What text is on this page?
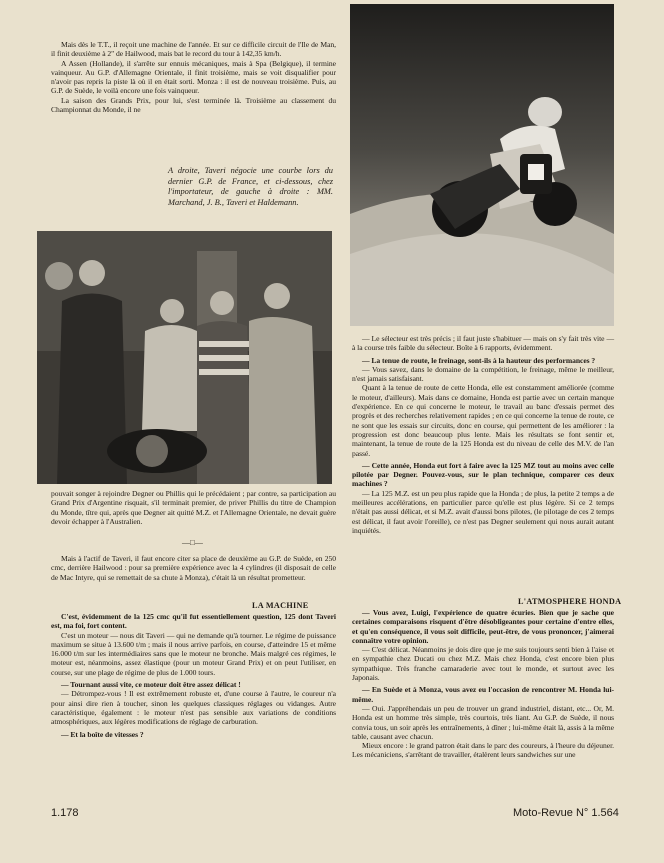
Mais dès le T.T., il reçoit une machine de l'année. Et sur ce difficile circuit de l'Ile de Man, il finit deuxième à 2" de Hailwood, mais bat le record du tour à 142,35 km/h.

A Assen (Hollande), il s'arrête sur ennuis mécaniques, mais à Spa (Belgique), il termine vainqueur. Au G.P. d'Allemagne Orientale, il finit troisième, mais se voit disqualifier pour n'avoir pas repris la piste là où il en était sorti. Monza : il est de nouveau troisième. Puis, au G.P. de Suède, le voilà encore une fois vainqueur.

La saison des Grands Prix, pour lui, s'est terminée là. Troisième au classement du Championnat du Monde, il ne

A droite, Taveri négocie une courbe lors du dernier G.P. de France, et ci-dessous, chez l'importateur, de gauche à droite : MM. Marchand, J. B., Taveri et Haldemann.

pouvait songer à rejoindre Degner ou Phillis qui le précédaient ; par contre, sa participation au Grand Prix d'Argentine risquait, s'il terminait premier, de priver Phillis du titre de Champion du Monde, tître qui, après que Degner ait quitté M.Z. et l'Allemagne Orientale, ne devait guère devoir échapper à l'Australien.

—□—

Mais à l'actif de Taveri, il faut encore citer sa place de deuxième au G.P. de Suède, en 250 cmc, derrière Hailwood : pour sa première expérience avec la 4 cylindres (il disposait de celle de Mac Intyre, qui se remettait de sa chute à Monza), c'était là un résultat prometteur.

LA MACHINE

C'est, évidemment de la 125 cmc qu'il fut essentiellement question, 125 dont Taveri est, ma foi, fort content.

C'est un moteur — nous dit Taveri — qui ne demande qu'à tourner. Le régime de puissance maximum se situe à 13.600 t/m ; mais il nous arrive parfois, en course, d'atteindre 15 et même 16.000 t/m sur les intermédiaires sans que le moteur ne bronche. Mais malgré ces régimes, le moteur est, néanmoins, assez élastique (pour un moteur Grand Prix) et on peut l'utiliser, en course, sur une plage de régime de plus de 1.000 tours.

— Tournant aussi vite, ce moteur doit être assez délicat !

— Détrompez-vous ! Il est extrêmement robuste et, d'une course à l'autre, le coureur n'a pour ainsi dire rien à toucher, sinon les quelques classiques réglages ou vidanges. Autre caractéristique, également : le moteur n'est pas sensible aux variations de conditions atmosphériques, aux légères modifications de réglage de carburation.

— Et la boîte de vitesses ?

— Le sélecteur est très précis ; il faut juste s'habituer — mais on s'y fait très vite — à la course très faible du sélecteur. Boîte à 6 rapports, évidemment.

— La tenue de route, le freinage, sont-ils à la hauteur des performances ?

— Vous savez, dans le domaine de la compétition, le freinage, même le meilleur, n'est jamais satisfaisant.

Quant à la tenue de route de cette Honda, elle est constamment améliorée (comme le moteur, d'ailleurs). Mais dans ce domaine, Honda est partie avec un certain manque d'expérience. En ce qui concerne le moteur, le travail au banc d'essais permet des progrès et des recherches relativement rapides ; en ce qui concerne la tenue de route, ce ne sont que les essais sur circuits, donc en course, qui permettent de les améliorer : la progression est donc beaucoup plus lente. Mais les résultats se font sentir et, maintenant, la tenue de route de la 125 Honda est du niveau de celle des M.V. de l'an passé.

— Cette année, Honda eut fort à faire avec la 125 MZ tout au moins avec celle pilotée par Degner. Pouvez-vous, sur le plan technique, comparer ces deux machines ?

— La 125 M.Z. est un peu plus rapide que la Honda ; de plus, la petite 2 temps a de meilleures accélérations, en particulier parce qu'elle est plus légère. Si ce 2 temps n'était pas aussi délicat, et si M.Z. avait d'aussi bons pilotes, (le pilotage de ces 2 temps est délicat, il faut avoir l'oreille), ce n'est pas Degner seulement qui nous aurait autant inquiétés.

L'ATMOSPHERE HONDA

— Vous avez, Luigi, l'expérience de quatre écuries. Bien que je sache que certaines comparaisons risquent d'être désobligeantes pour certaine d'entre elles, et qu'en conséquence, il vous soit difficile, peut-être, de vous prononcer, j'aimerai connaître votre opinion.

— C'est délicat. Néanmoins je dois dire que je me suis toujours senti bien à l'aise et en sympathie chez Ducati ou chez M.Z. Mais chez Honda, c'est encore bien plus sympathique. Très franche camaraderie avec tout le monde, et surtout avec les Japonais.

— En Suède et à Monza, vous avez eu l'occasion de rencontrer M. Honda lui-même.

— Oui. J'appréhendais un peu de trouver un grand industriel, distant, etc... Or, M. Honda est un homme très simple, très courtois, très liant. Au G.P. de Suède, il nous convia tous, un soir après les entraînements, à dîner ; lui-même était là, assis à la même table, causant avec chacun.

Mieux encore : le grand patron était dans le parc des coureurs, à l'heure du déjeuner. Les mécaniciens, s'arrêtant de travailler, étalèrent leurs sandwiches sur une

1.178	Moto-Revue N° 1.564
